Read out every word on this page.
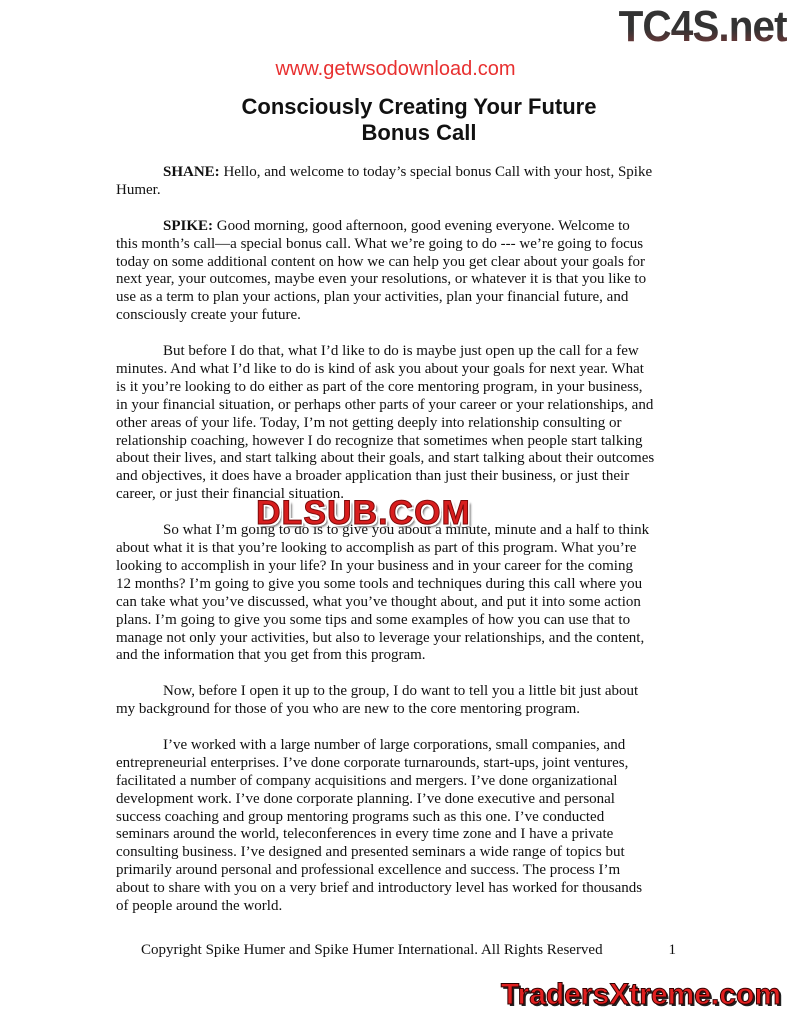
TC4S.net
www.getwsodownload.com
Consciously Creating Your Future
Bonus Call
SHANE: Hello, and welcome to today’s special bonus Call with your host, Spike
Humer.
SPIKE: Good morning, good afternoon, good evening everyone. Welcome to
this month’s call—a special bonus call. What we’re going to do --- we’re going to focus
today on some additional content on how we can help you get clear about your goals for
next year, your outcomes, maybe even your resolutions, or whatever it is that you like to
use as a term to plan your actions, plan your activities, plan your financial future, and
consciously create your future.
But before I do that, what I’d like to do is maybe just open up the call for a few
minutes. And what I’d like to do is kind of ask you about your goals for next year. What
is it you’re looking to do either as part of the core mentoring program, in your business,
in your financial situation, or perhaps other parts of your career or your relationships, and
other areas of your life. Today, I’m not getting deeply into relationship consulting or
relationship coaching, however I do recognize that sometimes when people start talking
about their lives, and start talking about their goals, and start talking about their outcomes
and objectives, it does have a broader application than just their business, or just their
career, or just their financial situation.
So what I’m going to do is to give you about a minute, minute and a half to think
about what it is that you’re looking to accomplish as part of this program. What you’re
looking to accomplish in your life? In your business and in your career for the coming
12 months? I’m going to give you some tools and techniques during this call where you
can take what you’ve discussed, what you’ve thought about, and put it into some action
plans. I’m going to give you some tips and some examples of how you can use that to
manage not only your activities, but also to leverage your relationships, and the content,
and the information that you get from this program.
Now, before I open it up to the group, I do want to tell you a little bit just about
my background for those of you who are new to the core mentoring program.
I’ve worked with a large number of large corporations, small companies, and
entrepreneurial enterprises. I’ve done corporate turnarounds, start-ups, joint ventures,
facilitated a number of company acquisitions and mergers. I’ve done organizational
development work. I’ve done corporate planning. I’ve done executive and personal
success coaching and group mentoring programs such as this one. I’ve conducted
seminars around the world, teleconferences in every time zone and I have a private
consulting business. I’ve designed and presented seminars a wide range of topics but
primarily around personal and professional excellence and success. The process I’m
about to share with you on a very brief and introductory level has worked for thousands
of people around the world.
Copyright Spike Humer and Spike Humer International. All Rights Reserved	1
DLSUB.COM
TradersXtreme.com
